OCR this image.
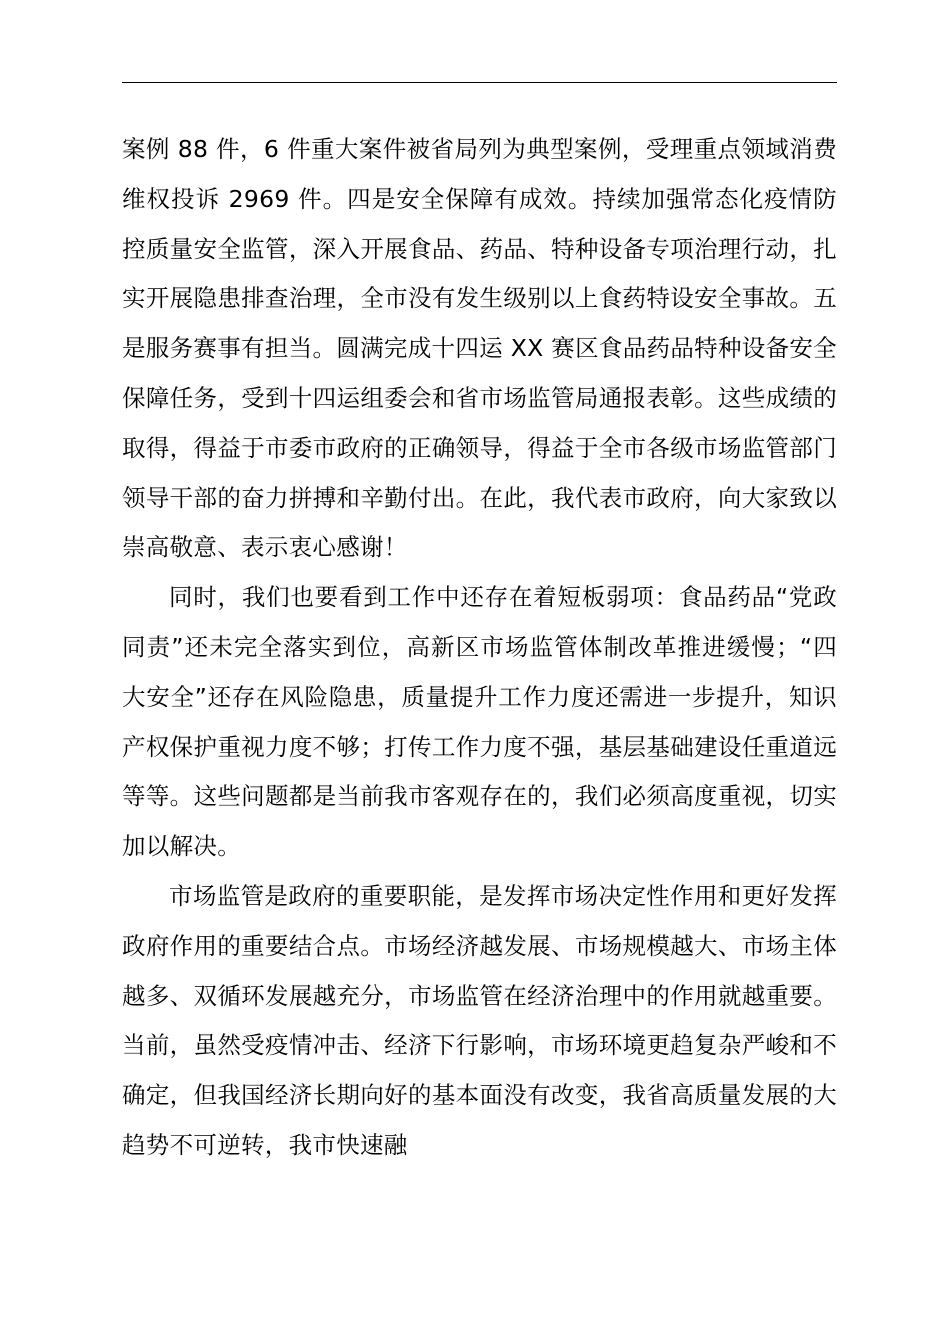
案例 88 件，6 件重大案件被省局列为典型案例，受理重点领域消费维权投诉 2969 件。四是安全保障有成效。持续加强常态化疫情防控质量安全监管，深入开展食品、药品、特种设备专项治理行动，扎实开展隐患排查治理，全市没有发生级别以上食药特设安全事故。五是服务赛事有担当。圆满完成十四运 XX 赛区食品药品特种设备安全保障任务，受到十四运组委会和省市场监管局通报表彰。这些成绩的取得，得益于市委市政府的正确领导，得益于全市各级市场监管部门领导干部的奋力拼搏和辛勤付出。在此，我代表市政府，向大家致以崇高敬意、表示衷心感谢！

同时，我们也要看到工作中还存在着短板弱项：食品药品“党政同责”还未完全落实到位，高新区市场监管体制改革推进缓慢；“四大安全”还存在风险隐患，质量提升工作力度还需进一步提升，知识产权保护重视力度不够；打传工作力度不强，基层基础建设任重道远等等。这些问题都是当前我市客观存在的，我们必须高度重视，切实加以解决。

市场监管是政府的重要职能，是发挥市场决定性作用和更好发挥政府作用的重要结合点。市场经济越发展、市场规模越大、市场主体越多、双循环发展越充分，市场监管在经济治理中的作用就越重要。当前，虽然受疫情冲击、经济下行影响，市场环境更趋复杂严峻和不确定，但我国经济长期向好的基本面没有改变，我省高质量发展的大趋势不可逆转，我市快速融
